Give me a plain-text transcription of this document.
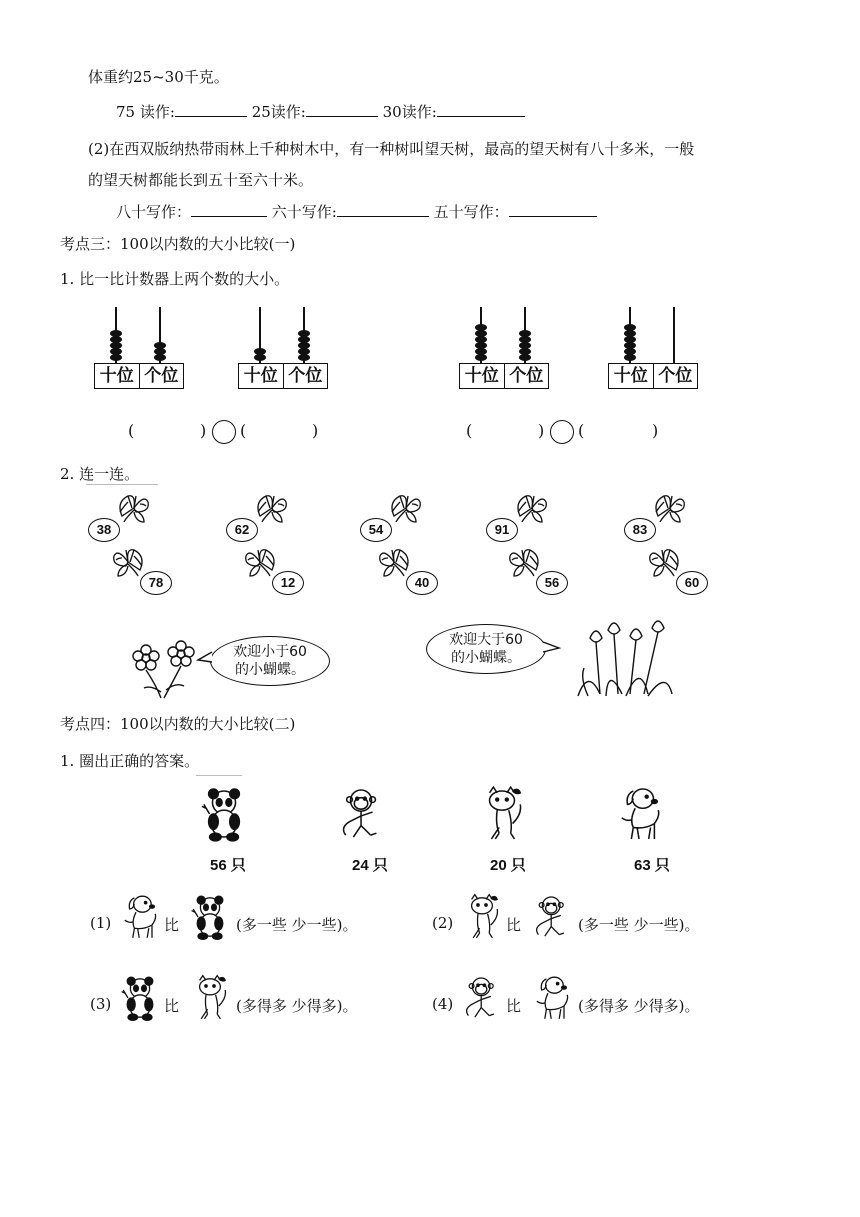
体重约25~30千克。
75 读作:	25读作:	30读作:
(2)在西双版纳热带雨林上千种树木中，有一种树叫望天树，最高的望天树有八十多米，一般
的望天树都能长到五十至六十米。
八十写作：	六十写作:	五十写作：
考点三：100以内数的大小比较(一)
1. 比一比计数器上两个数的大小。
十位 个位	十位 个位	十位 个位	十位 个位
(	) (	)	(	) (	)
2. 连一连。
38	62	54	91	83
78	12	40	56	60
欢迎小于60
的小蝴蝶。
欢迎大于60
的小蝴蝶。
考点四：100以内数的大小比较(二)
1. 圈出正确的答案。
56 只	24 只	20 只	63 只
(1)	比	(多一些 少一些)。	(2)	比	(多一些 少一些)。
(3)	比	(多得多 少得多)。	(4)	比	(多得多 少得多)。
